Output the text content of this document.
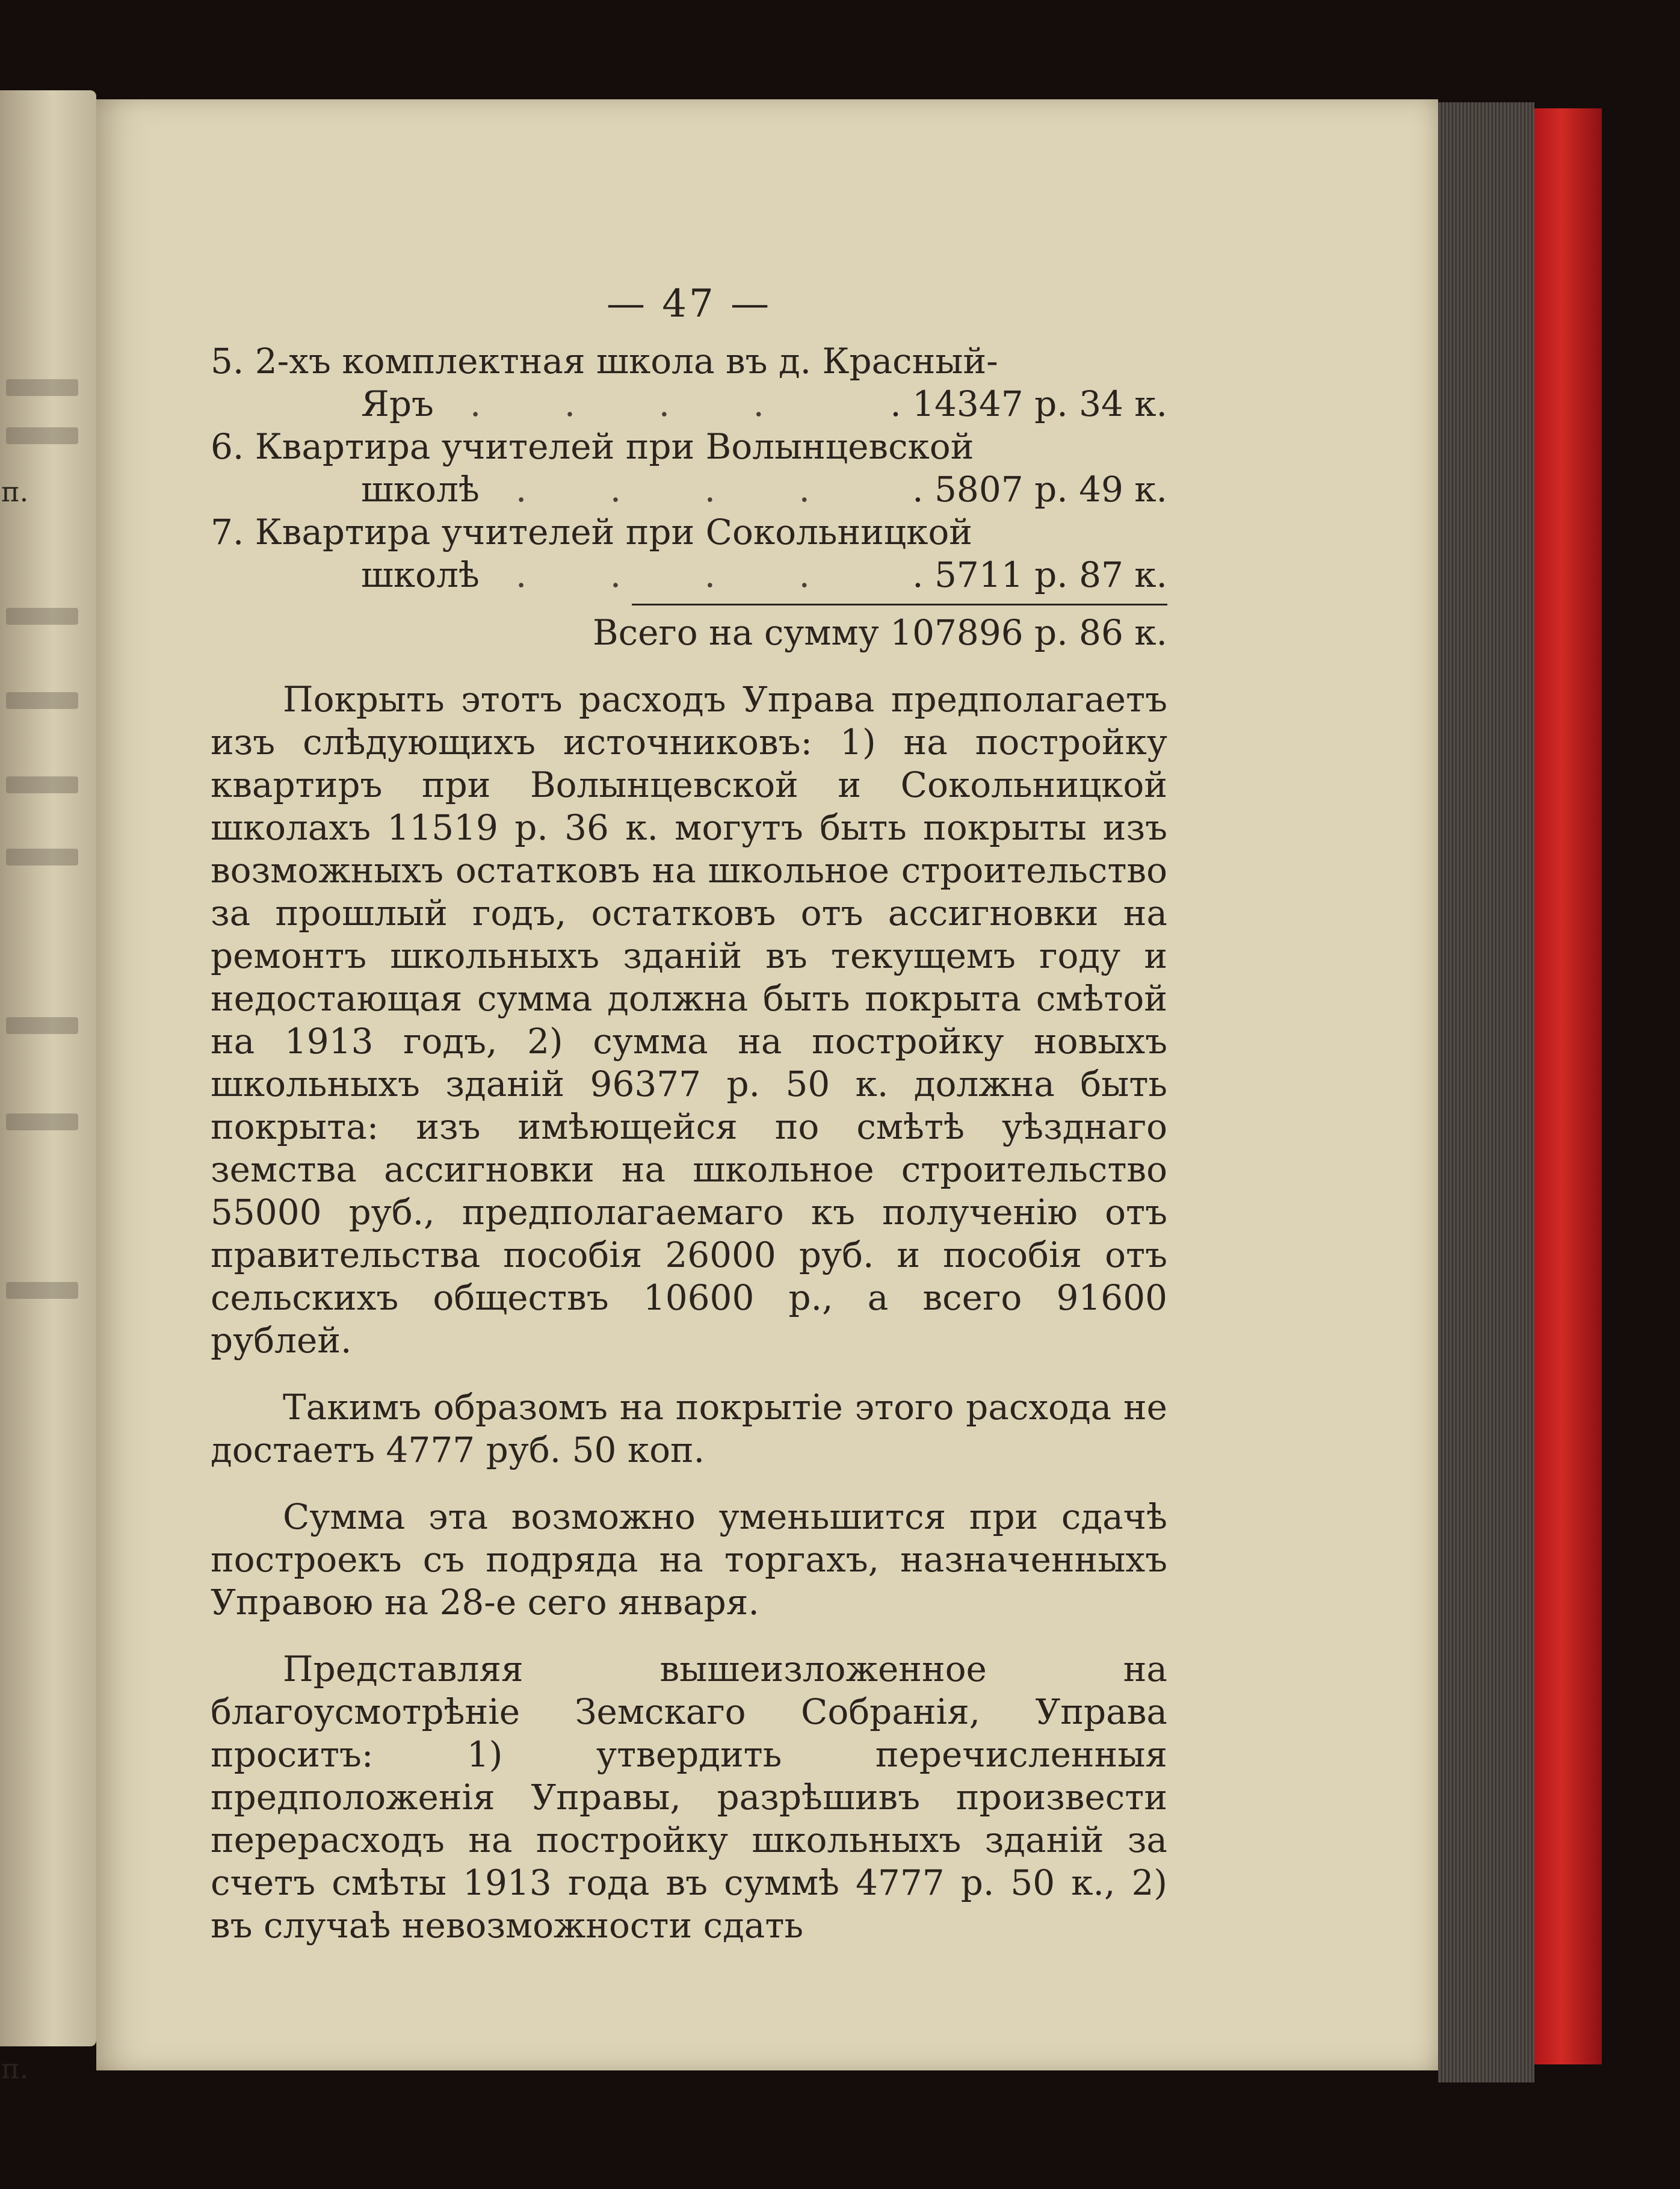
п.
п.
— 47 —
5. 2-хъ комплектная школа въ д. Красный-
Яръ	. . . .	. 14347 р. 34 к.
6. Квартира учителей при Волынцевской
школѣ	. . . .	. 5807 р. 49 к.
7. Квартира учителей при Сокольницкой
школѣ	. . . .	. 5711 р. 87 к.
Всего на сумму 107896 р. 86 к.

Покрыть этотъ расходъ Управа предполагаетъ изъ слѣдующихъ источниковъ: 1) на постройку квартиръ при Волынцевской и Сокольницкой школахъ 11519 р. 36 к. могутъ быть покрыты изъ возможныхъ остатковъ на школьное строительство за прошлый годъ, остатковъ отъ ассигновки на ремонтъ школьныхъ зданій въ текущемъ году и недостающая сумма должна быть покрыта смѣтой на 1913 годъ, 2) сумма на постройку новыхъ школьныхъ зданій 96377 р. 50 к. должна быть покрыта: изъ имѣющейся по смѣтѣ уѣзднаго земства ассигновки на школьное строительство 55000 руб., предполагаемаго къ полученію отъ правительства пособія 26000 руб. и пособія отъ сельскихъ обществъ 10600 р., а всего 91600 рублей.

Такимъ образомъ на покрытіе этого расхода не достаетъ 4777 руб. 50 коп.

Сумма эта возможно уменьшится при сдачѣ построекъ съ подряда на торгахъ, назначенныхъ Управою на 28-е сего января.

Представляя вышеизложенное на благоусмотрѣніе Земскаго Собранія, Управа проситъ: 1) утвердить перечисленныя предположенія Управы, разрѣшивъ произвести перерасходъ на постройку школьныхъ зданій за счетъ смѣты 1913 года въ суммѣ 4777 р. 50 к., 2) въ случаѣ невозможности сдать
